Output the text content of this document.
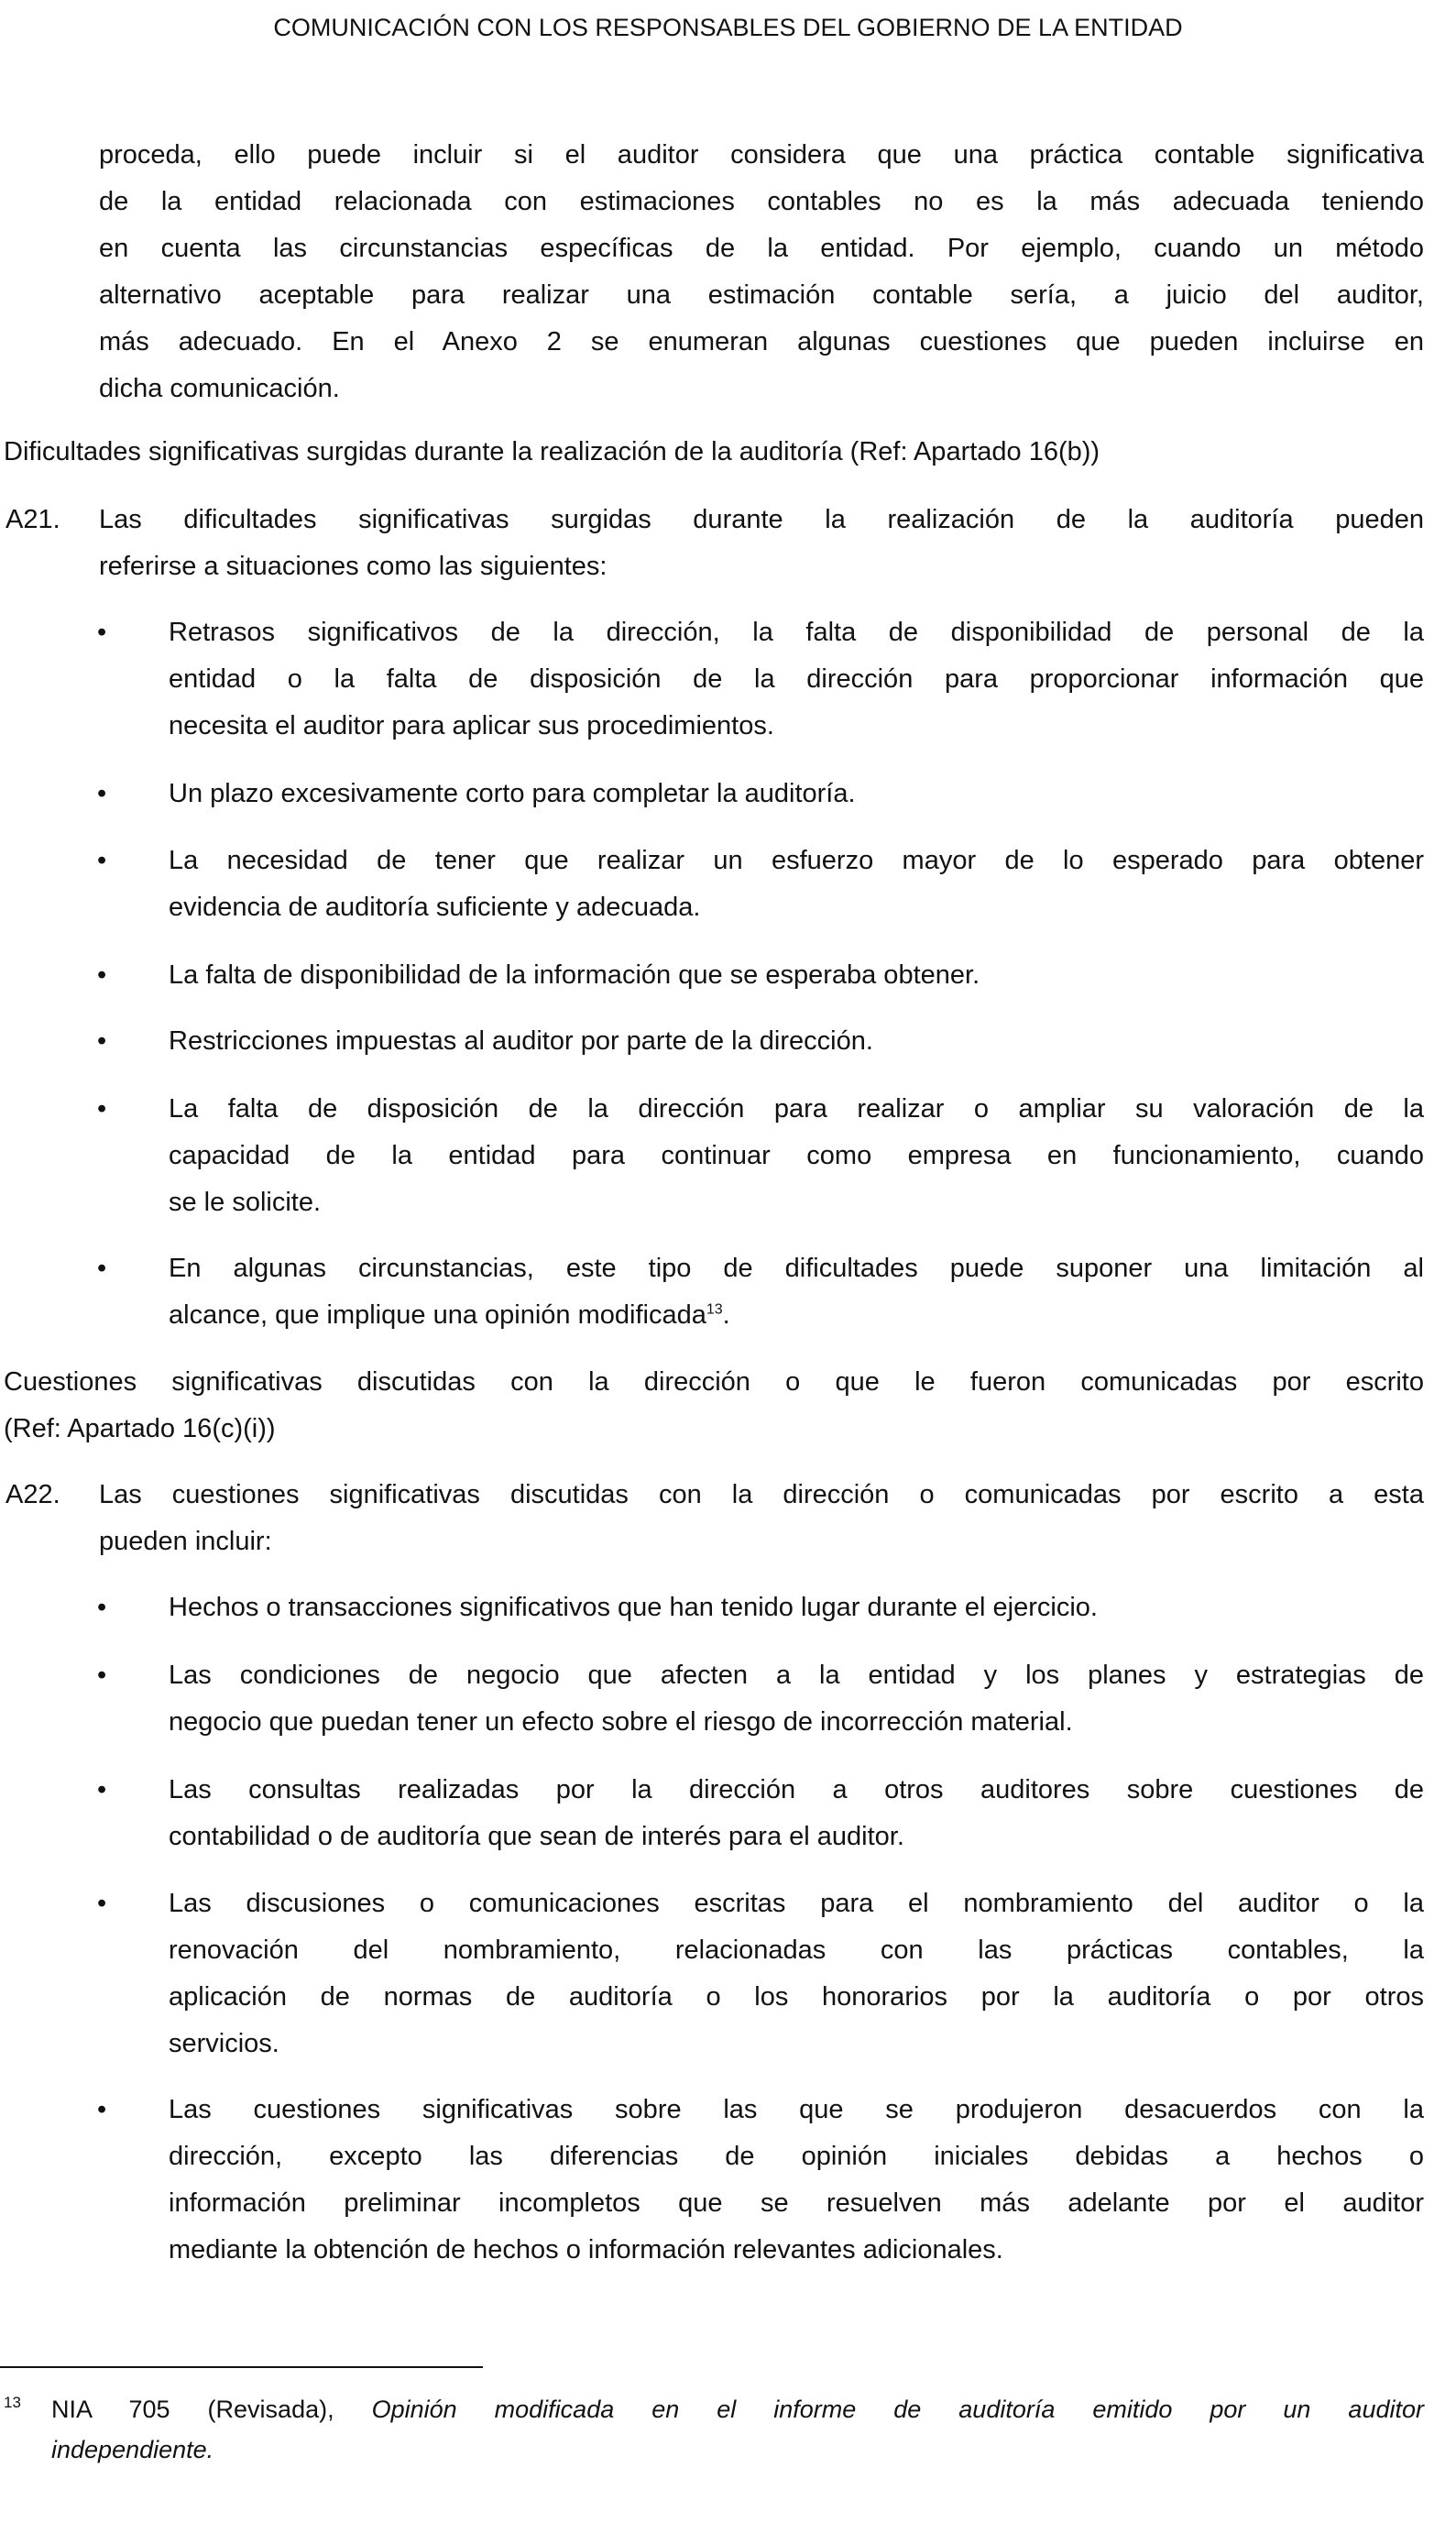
COMUNICACIÓN CON LOS RESPONSABLES DEL GOBIERNO DE LA ENTIDAD
proceda, ello puede incluir si el auditor considera que una práctica contable significativa
de la entidad relacionada con estimaciones contables no es la más adecuada teniendo
en cuenta las circunstancias específicas de la entidad. Por ejemplo, cuando un método
alternativo aceptable para realizar una estimación contable sería, a juicio del auditor,
más adecuado. En el Anexo 2 se enumeran algunas cuestiones que pueden incluirse en
dicha comunicación.
Dificultades significativas surgidas durante la realización de la auditoría (Ref: Apartado 16(b))
A21. Las dificultades significativas surgidas durante la realización de la auditoría pueden
referirse a situaciones como las siguientes:
• Retrasos significativos de la dirección, la falta de disponibilidad de personal de la
entidad o la falta de disposición de la dirección para proporcionar información que
necesita el auditor para aplicar sus procedimientos.
• Un plazo excesivamente corto para completar la auditoría.
• La necesidad de tener que realizar un esfuerzo mayor de lo esperado para obtener
evidencia de auditoría suficiente y adecuada.
• La falta de disponibilidad de la información que se esperaba obtener.
• Restricciones impuestas al auditor por parte de la dirección.
• La falta de disposición de la dirección para realizar o ampliar su valoración de la
capacidad de la entidad para continuar como empresa en funcionamiento, cuando
se le solicite.
• En algunas circunstancias, este tipo de dificultades puede suponer una limitación al
alcance, que implique una opinión modificada$^{13}$.
Cuestiones significativas discutidas con la dirección o que le fueron comunicadas por escrito
(Ref: Apartado 16(c)(i))
A22. Las cuestiones significativas discutidas con la dirección o comunicadas por escrito a esta
pueden incluir:
• Hechos o transacciones significativos que han tenido lugar durante el ejercicio.
• Las condiciones de negocio que afecten a la entidad y los planes y estrategias de
negocio que puedan tener un efecto sobre el riesgo de incorrección material.
• Las consultas realizadas por la dirección a otros auditores sobre cuestiones de
contabilidad o de auditoría que sean de interés para el auditor.
• Las discusiones o comunicaciones escritas para el nombramiento del auditor o la
renovación del nombramiento, relacionadas con las prácticas contables, la
aplicación de normas de auditoría o los honorarios por la auditoría o por otros
servicios.
• Las cuestiones significativas sobre las que se produjeron desacuerdos con la
dirección, excepto las diferencias de opinión iniciales debidas a hechos o
información preliminar incompletos que se resuelven más adelante por el auditor
mediante la obtención de hechos o información relevantes adicionales.
13 NIA 705 (Revisada), Opinión modificada en el informe de auditoría emitido por un auditor
independiente.
